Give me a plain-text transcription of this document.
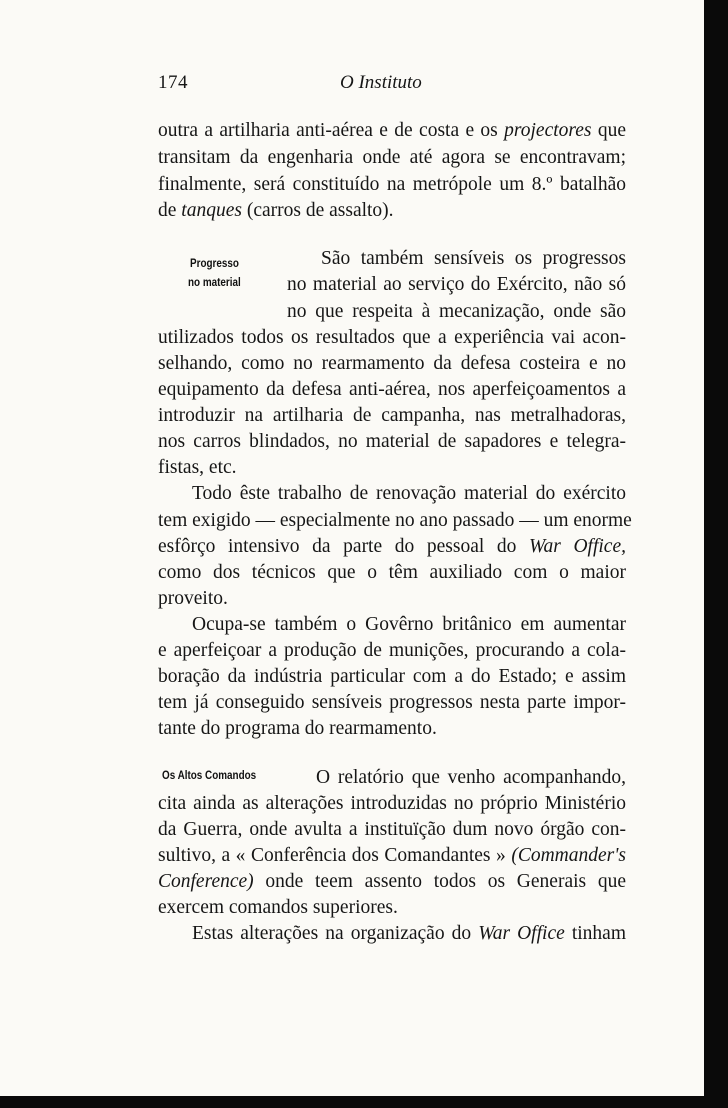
174	O Instituto
outra a artilharia anti-aérea e de costa e os projectores que
transitam da engenharia onde até agora se encontravam;
finalmente, será constituído na metrópole um 8.º batalhão
de tanques (carros de assalto).
Progresso
no material
São também sensíveis os progressos
no material ao serviço do Exército, não só
no que respeita à mecanização, onde são
utilizados todos os resultados que a experiência vai acon-
selhando, como no rearmamento da defesa costeira e no
equipamento da defesa anti-aérea, nos aperfeiçoamentos a
introduzir na artilharia de campanha, nas metralhadoras,
nos carros blindados, no material de sapadores e telegra-
fistas, etc.
Todo êste trabalho de renovação material do exército
tem exigido — especialmente no ano passado — um enorme
esfôrço intensivo da parte do pessoal do War Office,
como dos técnicos que o têm auxiliado com o maior
proveito.
Ocupa-se também o Govêrno britânico em aumentar
e aperfeiçoar a produção de munições, procurando a cola-
boração da indústria particular com a do Estado; e assim
tem já conseguido sensíveis progressos nesta parte impor-
tante do programa do rearmamento.
Os Altos Comandos	O relatório que venho acompanhando,
cita ainda as alterações introduzidas no próprio Ministério
da Guerra, onde avulta a instituïção dum novo órgão con-
sultivo, a « Conferência dos Comandantes » (Commander's
Conference) onde teem assento todos os Generais que
exercem comandos superiores.
Estas alterações na organização do War Office tinham
